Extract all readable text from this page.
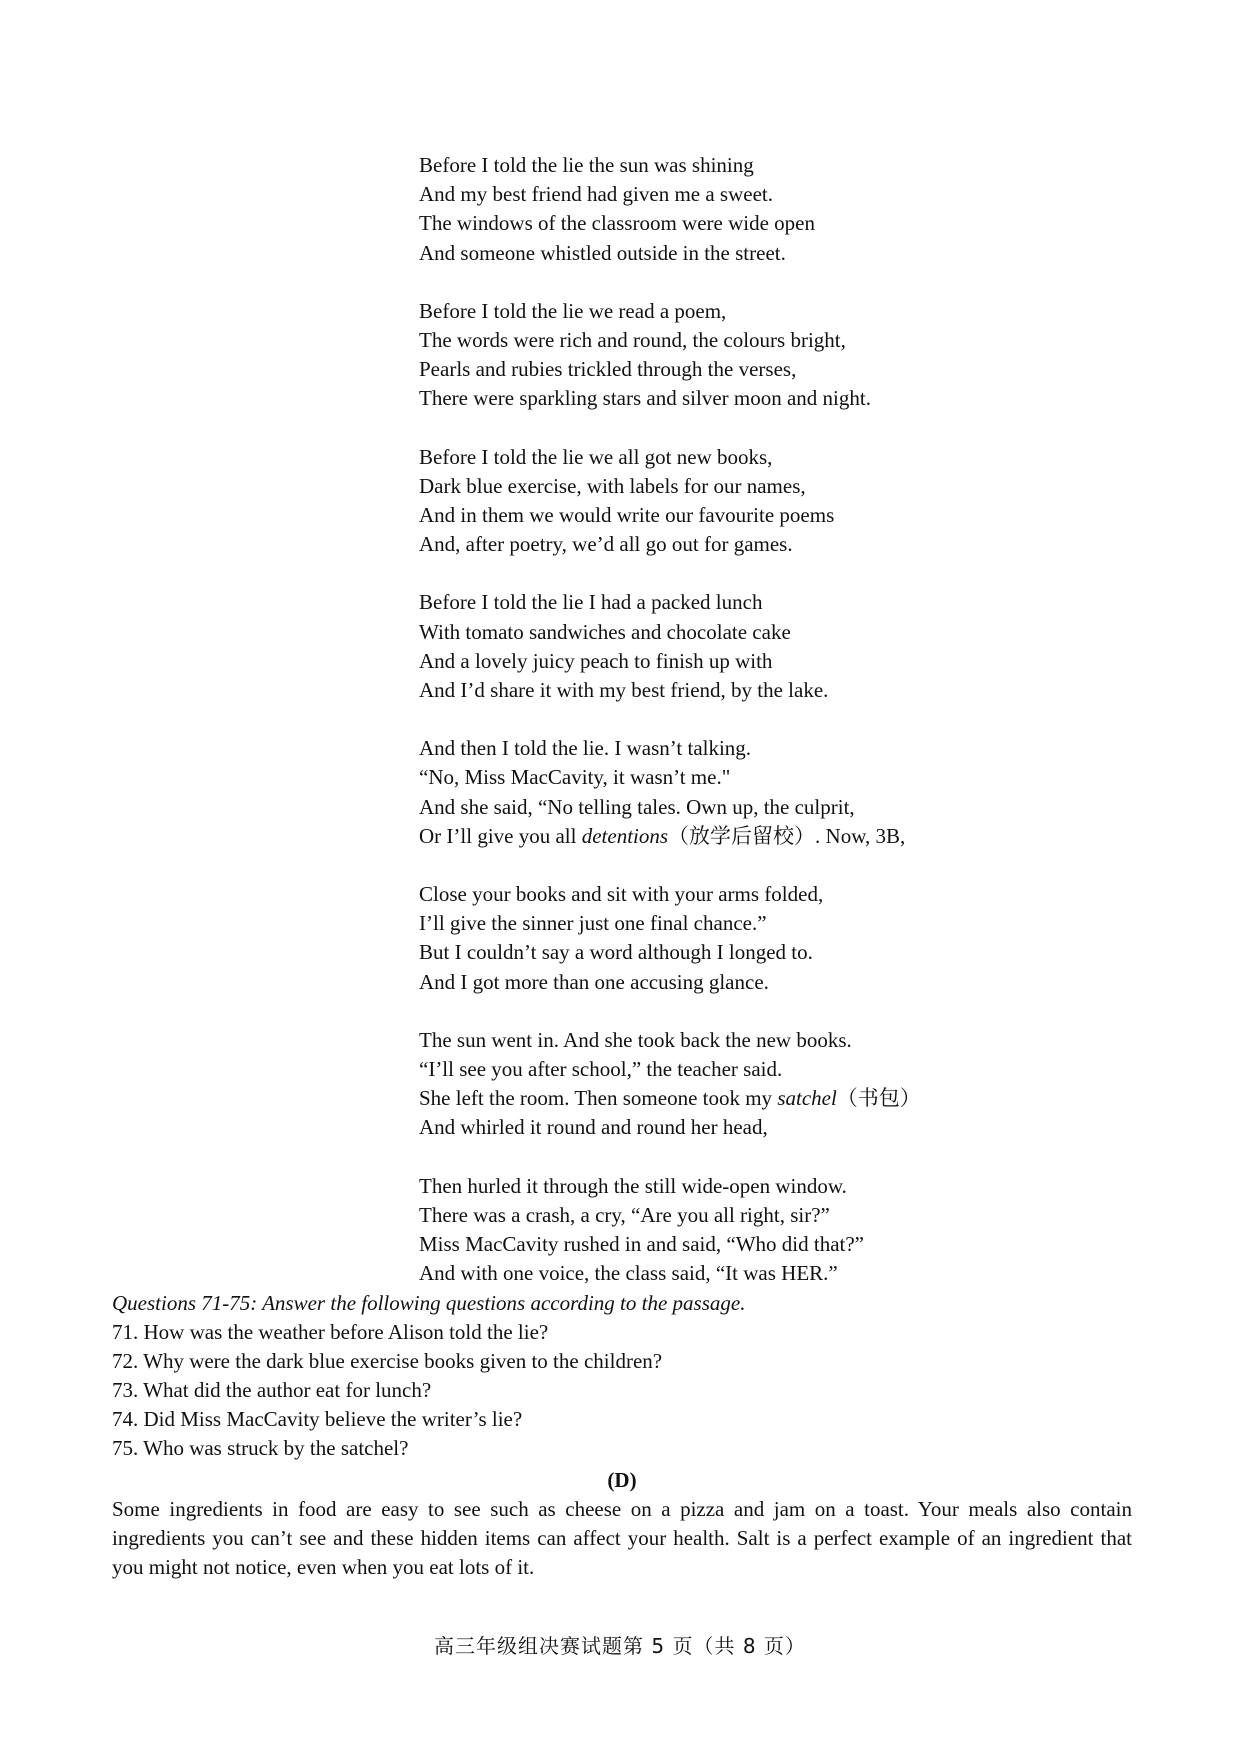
Before I told the lie the sun was shining
And my best friend had given me a sweet.
The windows of the classroom were wide open
And someone whistled outside in the street.
Before I told the lie we read a poem,
The words were rich and round, the colours bright,
Pearls and rubies trickled through the verses,
There were sparkling stars and silver moon and night.
Before I told the lie we all got new books,
Dark blue exercise, with labels for our names,
And in them we would write our favourite poems
And, after poetry, we’d all go out for games.
Before I told the lie I had a packed lunch
With tomato sandwiches and chocolate cake
And a lovely juicy peach to finish up with
And I’d share it with my best friend, by the lake.
And then I told the lie. I wasn’t talking.
“No, Miss MacCavity, it wasn’t me."
And she said, “No telling tales. Own up, the culprit,
Or I’ll give you all detentions（放学后留校）. Now, 3B,
Close your books and sit with your arms folded,
I’ll give the sinner just one final chance.”
But I couldn’t say a word although I longed to.
And I got more than one accusing glance.
The sun went in. And she took back the new books.
“I’ll see you after school,” the teacher said.
She left the room. Then someone took my satchel（书包）
And whirled it round and round her head,
Then hurled it through the still wide-open window.
There was a crash, a cry, “Are you all right, sir?”
Miss MacCavity rushed in and said, “Who did that?”
And with one voice, the class said, “It was HER.”
Questions 71-75: Answer the following questions according to the passage.
71. How was the weather before Alison told the lie?
72. Why were the dark blue exercise books given to the children?
73. What did the author eat for lunch?
74. Did Miss MacCavity believe the writer’s lie?
75. Who was struck by the satchel?
(D)

Some ingredients in food are easy to see such as cheese on a pizza and jam on a toast. Your meals also contain ingredients you can’t see and these hidden items can affect your health. Salt is a perfect example of an ingredient that you might not notice, even when you eat lots of it.

高三年级组决赛试题第 5 页（共 8 页）
